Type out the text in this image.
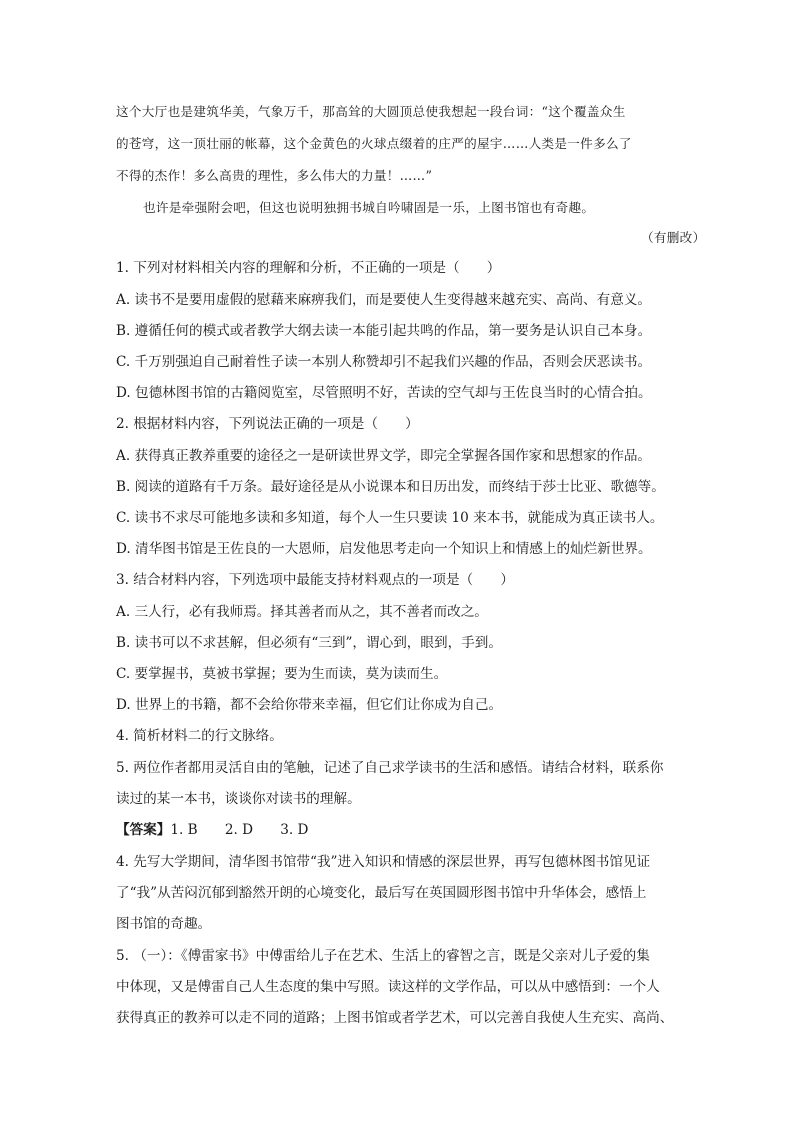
这个大厅也是建筑华美，气象万千，那高耸的大圆顶总使我想起一段台词：“这个覆盖众生
的苍穹，这一顶壮丽的帐幕，这个金黄色的火球点缀着的庄严的屋宇……人类是一件多么了
不得的杰作！多么高贵的理性，多么伟大的力量！……”
也许是牵强附会吧，但这也说明独拥书城自吟啸固是一乐，上图书馆也有奇趣。
（有删改）
1. 下列对材料相关内容的理解和分析，不正确的一项是（　　）
A. 读书不是要用虚假的慰藉来麻痹我们，而是要使人生变得越来越充实、高尚、有意义。
B. 遵循任何的模式或者教学大纲去读一本能引起共鸣的作品，第一要务是认识自己本身。
C. 千万别强迫自己耐着性子读一本别人称赞却引不起我们兴趣的作品，否则会厌恶读书。
D. 包德林图书馆的古籍阅览室，尽管照明不好，苦读的空气却与王佐良当时的心情合拍。
2. 根据材料内容，下列说法正确的一项是（　　）
A. 获得真正教养重要的途径之一是研读世界文学，即完全掌握各国作家和思想家的作品。
B. 阅读的道路有千万条。最好途径是从小说课本和日历出发，而终结于莎士比亚、歌德等。
C. 读书不求尽可能地多读和多知道，每个人一生只要读 10 来本书，就能成为真正读书人。
D. 清华图书馆是王佐良的一大恩师，启发他思考走向一个知识上和情感上的灿烂新世界。
3. 结合材料内容，下列选项中最能支持材料观点的一项是（　　）
A. 三人行，必有我师焉。择其善者而从之，其不善者而改之。
B. 读书可以不求甚解，但必须有“三到”，谓心到，眼到，手到。
C. 要掌握书，莫被书掌握；要为生而读，莫为读而生。
D. 世界上的书籍，都不会给你带来幸福，但它们让你成为自己。
4. 简析材料二的行文脉络。
5. 两位作者都用灵活自由的笔触，记述了自己求学读书的生活和感悟。请结合材料，联系你
读过的某一本书，谈谈你对读书的理解。
【答案】1. B　　2. D　　3. D
4. 先写大学期间，清华图书馆带“我”进入知识和情感的深层世界，再写包德林图书馆见证
了“我”从苦闷沉郁到豁然开朗的心境变化，最后写在英国圆形图书馆中升华体会，感悟上
图书馆的奇趣。
5. （一）：《傅雷家书》中傅雷给儿子在艺术、生活上的睿智之言，既是父亲对儿子爱的集
中体现，又是傅雷自己人生态度的集中写照。读这样的文学作品，可以从中感悟到：一个人
获得真正的教养可以走不同的道路；上图书馆或者学艺术，可以完善自我使人生充实、高尚、
